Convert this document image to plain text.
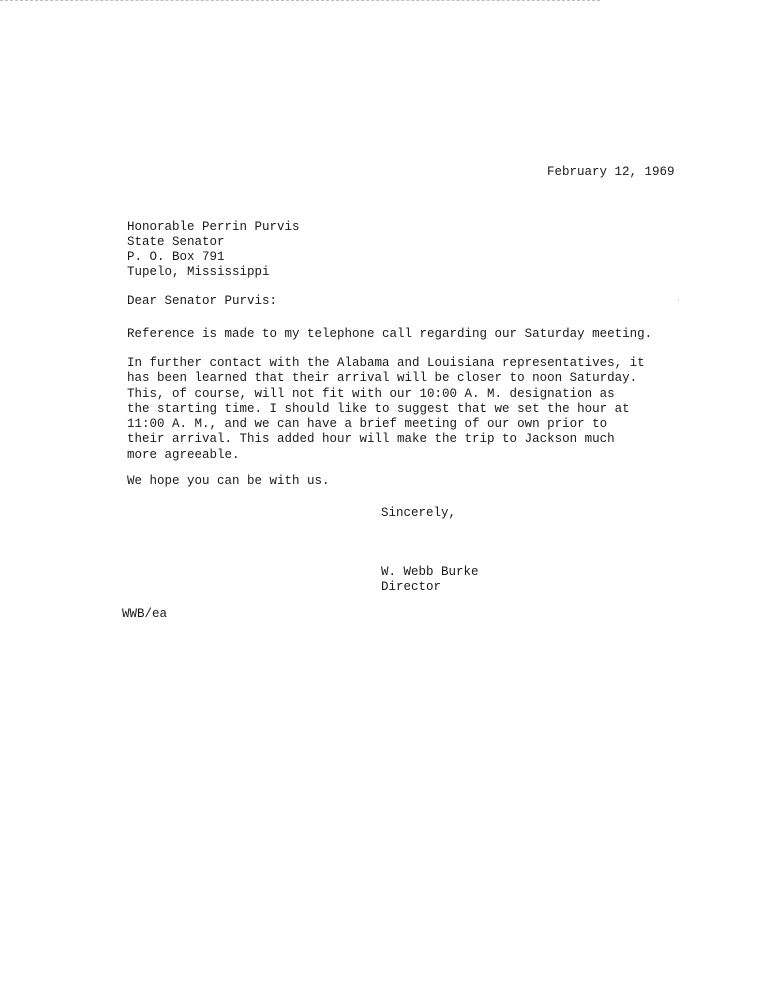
February 12, 1969
Honorable Perrin Purvis
State Senator
P. O. Box 791
Tupelo, Mississippi
Dear Senator Purvis:
Reference is made to my telephone call regarding our Saturday meeting.
In further contact with the Alabama and Louisiana representatives, it
has been learned that their arrival will be closer to noon Saturday.
This, of course, will not fit with our 10:00 A. M. designation as
the starting time. I should like to suggest that we set the hour at
11:00 A. M., and we can have a brief meeting of our own prior to
their arrival. This added hour will make the trip to Jackson much
more agreeable.
We hope you can be with us.
Sincerely,
W. Webb Burke
Director
WWB/ea
